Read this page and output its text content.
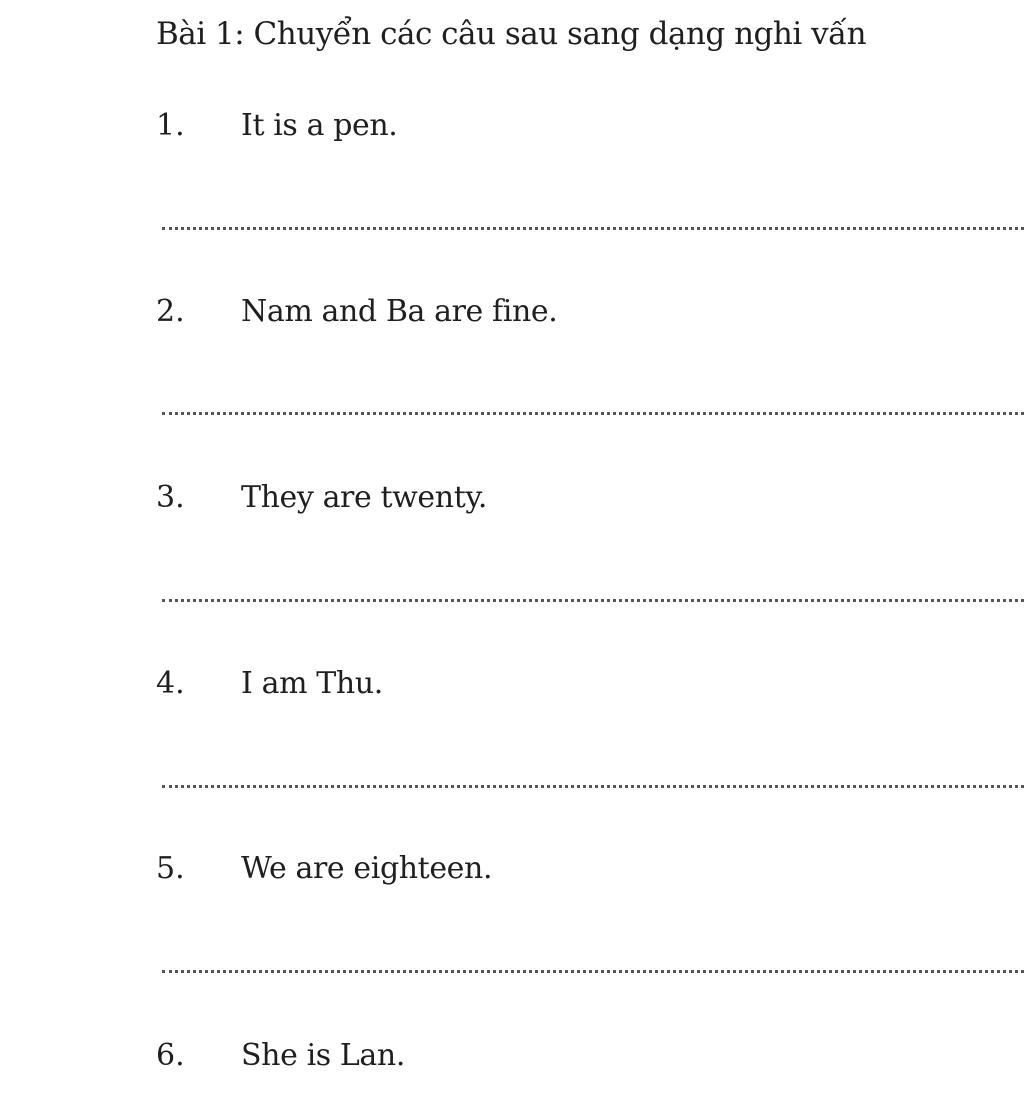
Bài 1: Chuyển các câu sau sang dạng nghi vấn
1. It is a pen.
2. Nam and Ba are fine.
3. They are twenty.
4. I am Thu.
5. We are eighteen.
6. She is Lan.
